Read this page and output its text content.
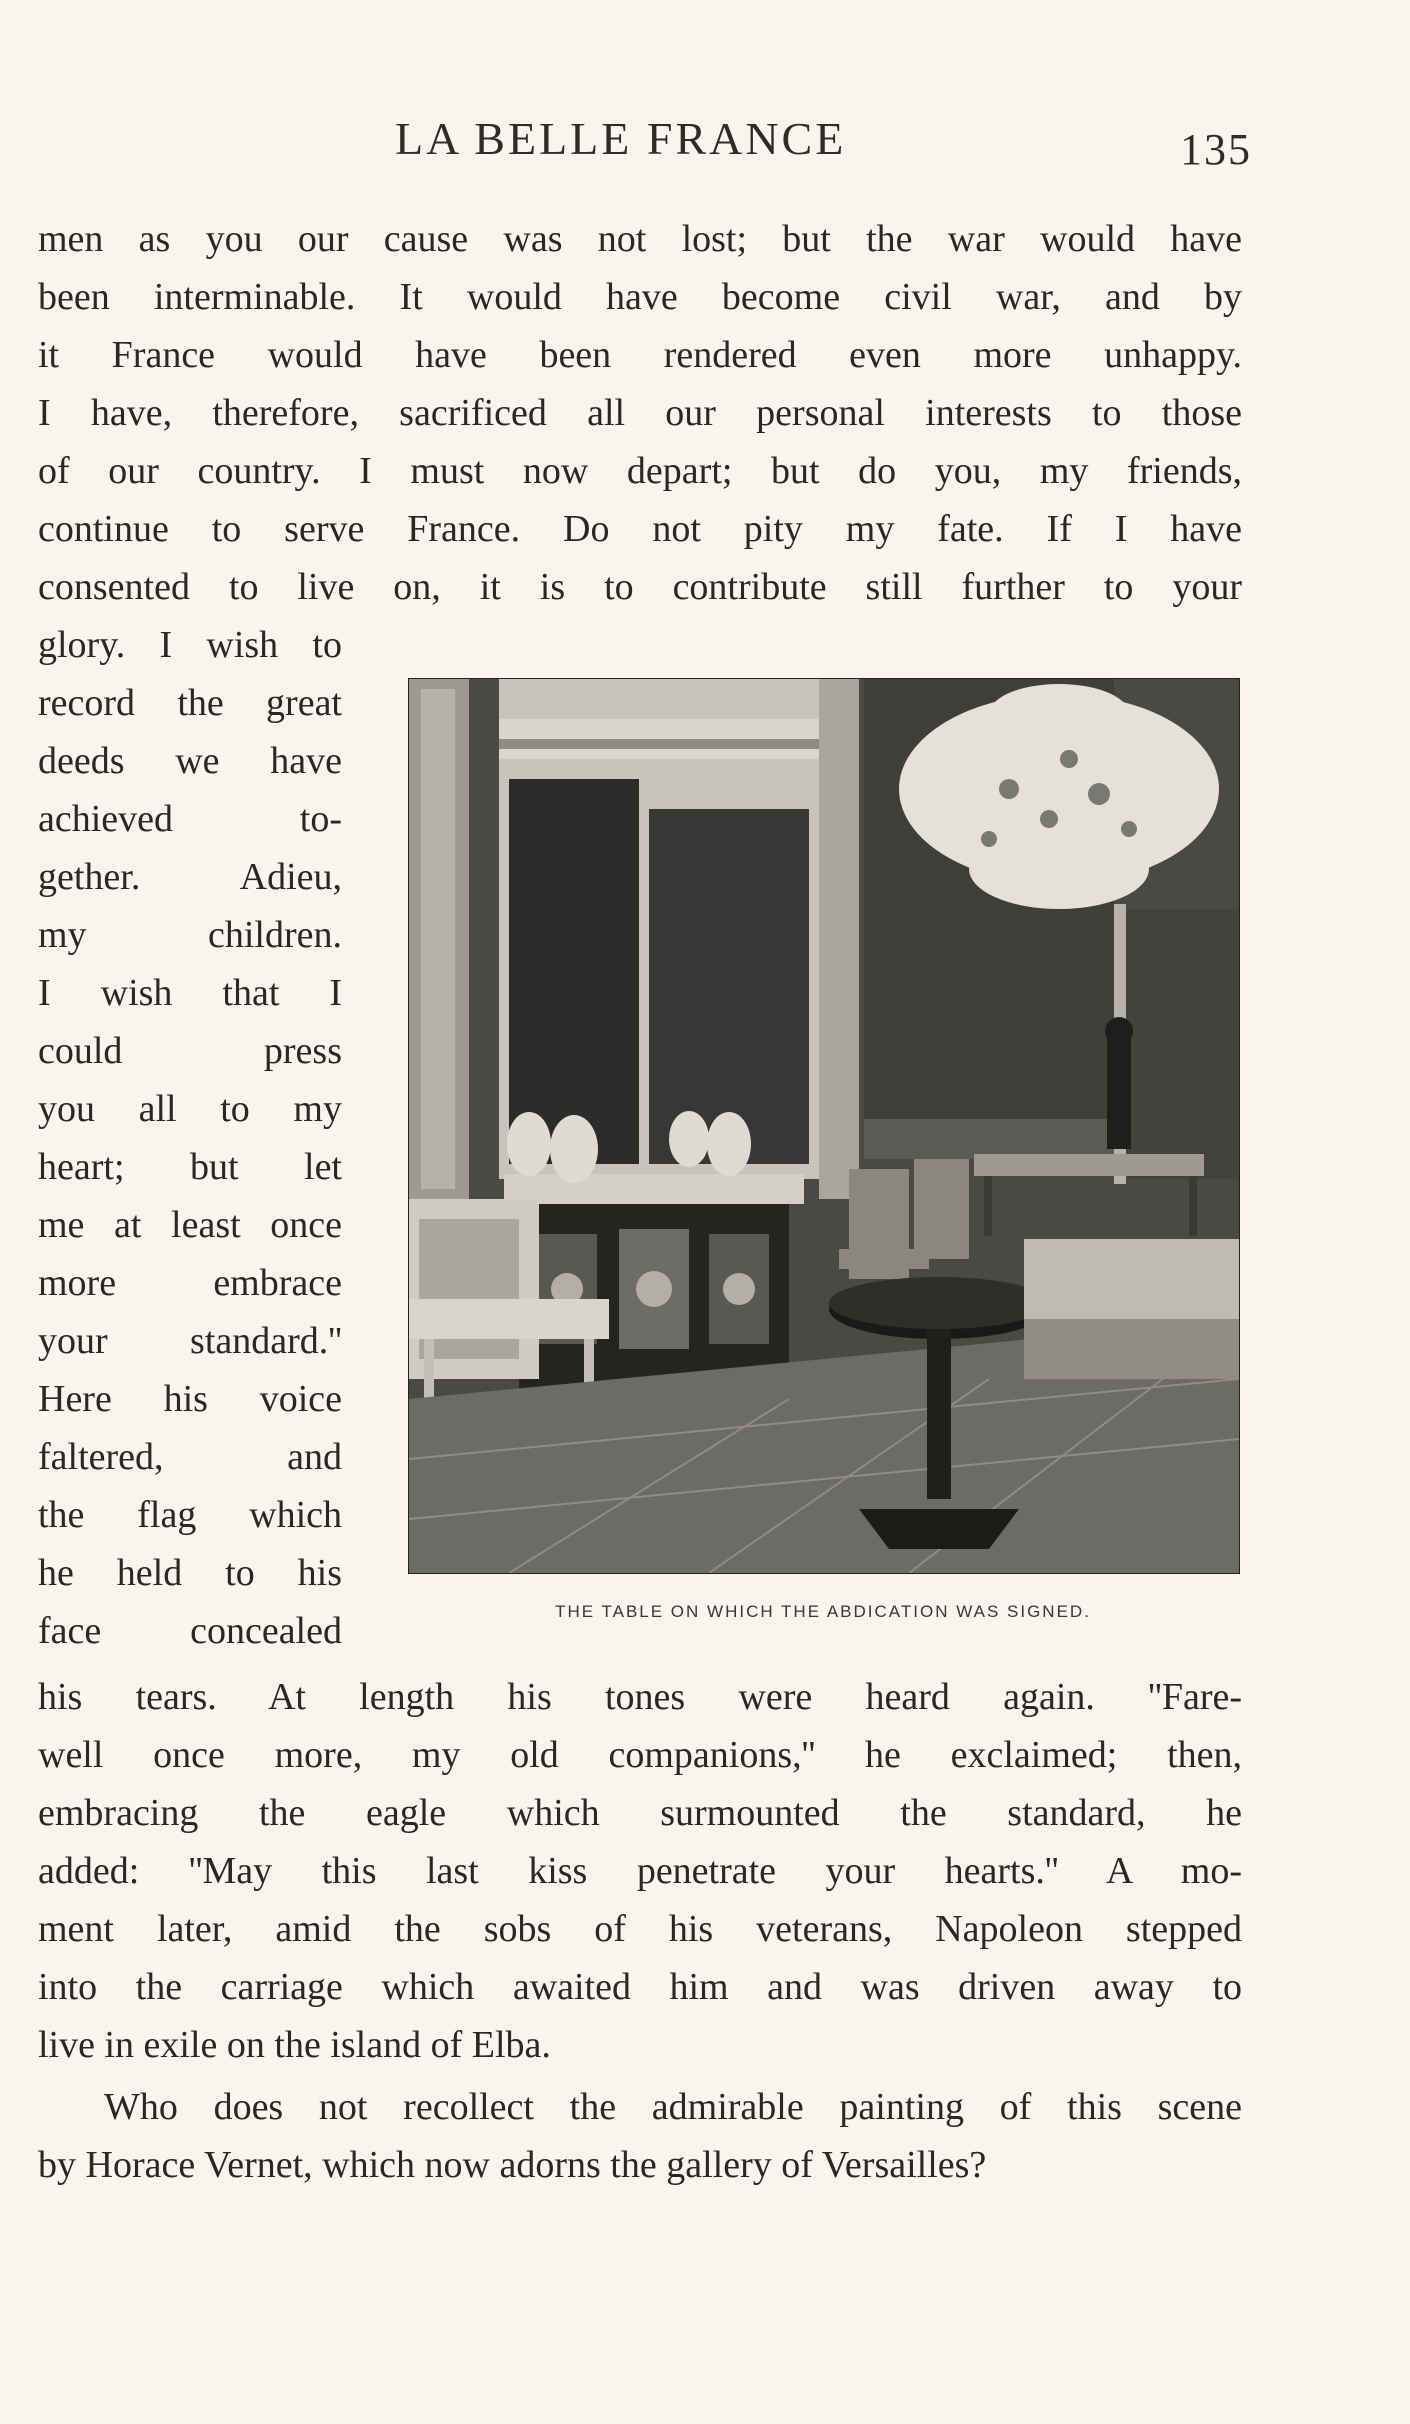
LA BELLE FRANCE	135
men as you our cause was not lost; but the war would have
been interminable. It would have become civil war, and by
it France would have been rendered even more unhappy.
I have, therefore, sacrificed all our personal interests to those
of our country. I must now depart; but do you, my friends,
continue to serve France. Do not pity my fate. If I have
consented to live on, it is to contribute still further to your
glory. I wish to
record the great
deeds we have
achieved to-
gether. Adieu,
my children.
I wish that I
could press
you all to my
heart; but let
me at least once
more embrace
your standard.''
Here his voice
faltered, and
the flag which
he held to his
face concealed
his tears. At length his tones were heard again. ''Fare-
well once more, my old companions,'' he exclaimed; then,
embracing the eagle which surmounted the standard, he
added: ''May this last kiss penetrate your hearts.'' A mo-
ment later, amid the sobs of his veterans, Napoleon stepped
into the carriage which awaited him and was driven away to
live in exile on the island of Elba.
Who does not recollect the admirable painting of this scene
by Horace Vernet, which now adorns the gallery of Versailles?
THE TABLE ON WHICH THE ABDICATION WAS SIGNED.
